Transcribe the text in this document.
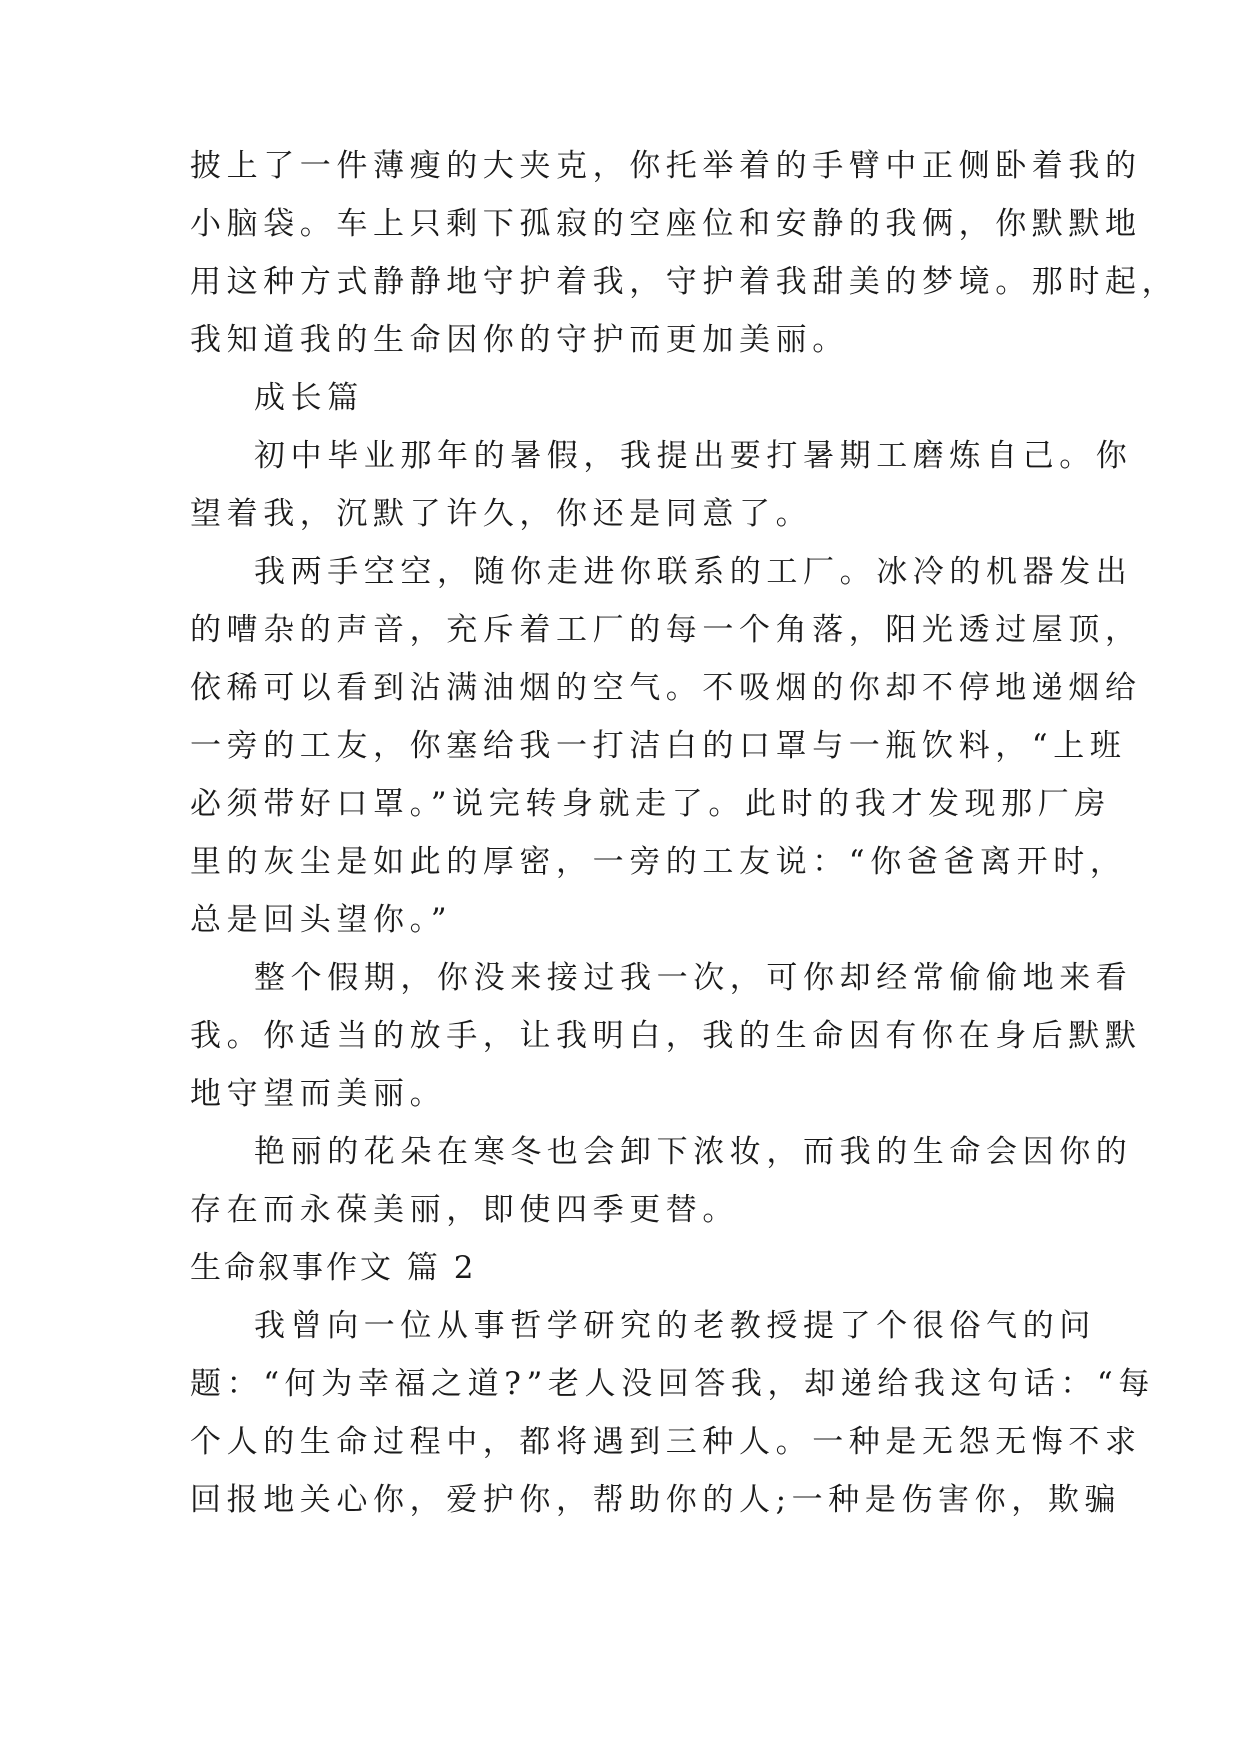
披上了一件薄瘦的大夹克，你托举着的手臂中正侧卧着我的
小脑袋。车上只剩下孤寂的空座位和安静的我俩，你默默地
用这种方式静静地守护着我，守护着我甜美的梦境。那时起，
我知道我的生命因你的守护而更加美丽。
成长篇
初中毕业那年的暑假，我提出要打暑期工磨炼自己。你
望着我，沉默了许久，你还是同意了。
我两手空空，随你走进你联系的工厂。冰冷的机器发出
的嘈杂的声音，充斥着工厂的每一个角落，阳光透过屋顶，
依稀可以看到沾满油烟的空气。不吸烟的你却不停地递烟给
一旁的工友，你塞给我一打洁白的口罩与一瓶饮料，“上班
必须带好口罩。”说完转身就走了。此时的我才发现那厂房
里的灰尘是如此的厚密，一旁的工友说：“你爸爸离开时，
总是回头望你。”
整个假期，你没来接过我一次，可你却经常偷偷地来看
我。你适当的放手，让我明白，我的生命因有你在身后默默
地守望而美丽。
艳丽的花朵在寒冬也会卸下浓妆，而我的生命会因你的
存在而永葆美丽，即使四季更替。
生命叙事作文 篇 2
我曾向一位从事哲学研究的老教授提了个很俗气的问
题：“何为幸福之道?”老人没回答我，却递给我这句话：“每
个人的生命过程中，都将遇到三种人。一种是无怨无悔不求
回报地关心你，爱护你，帮助你的人;一种是伤害你，欺骗
